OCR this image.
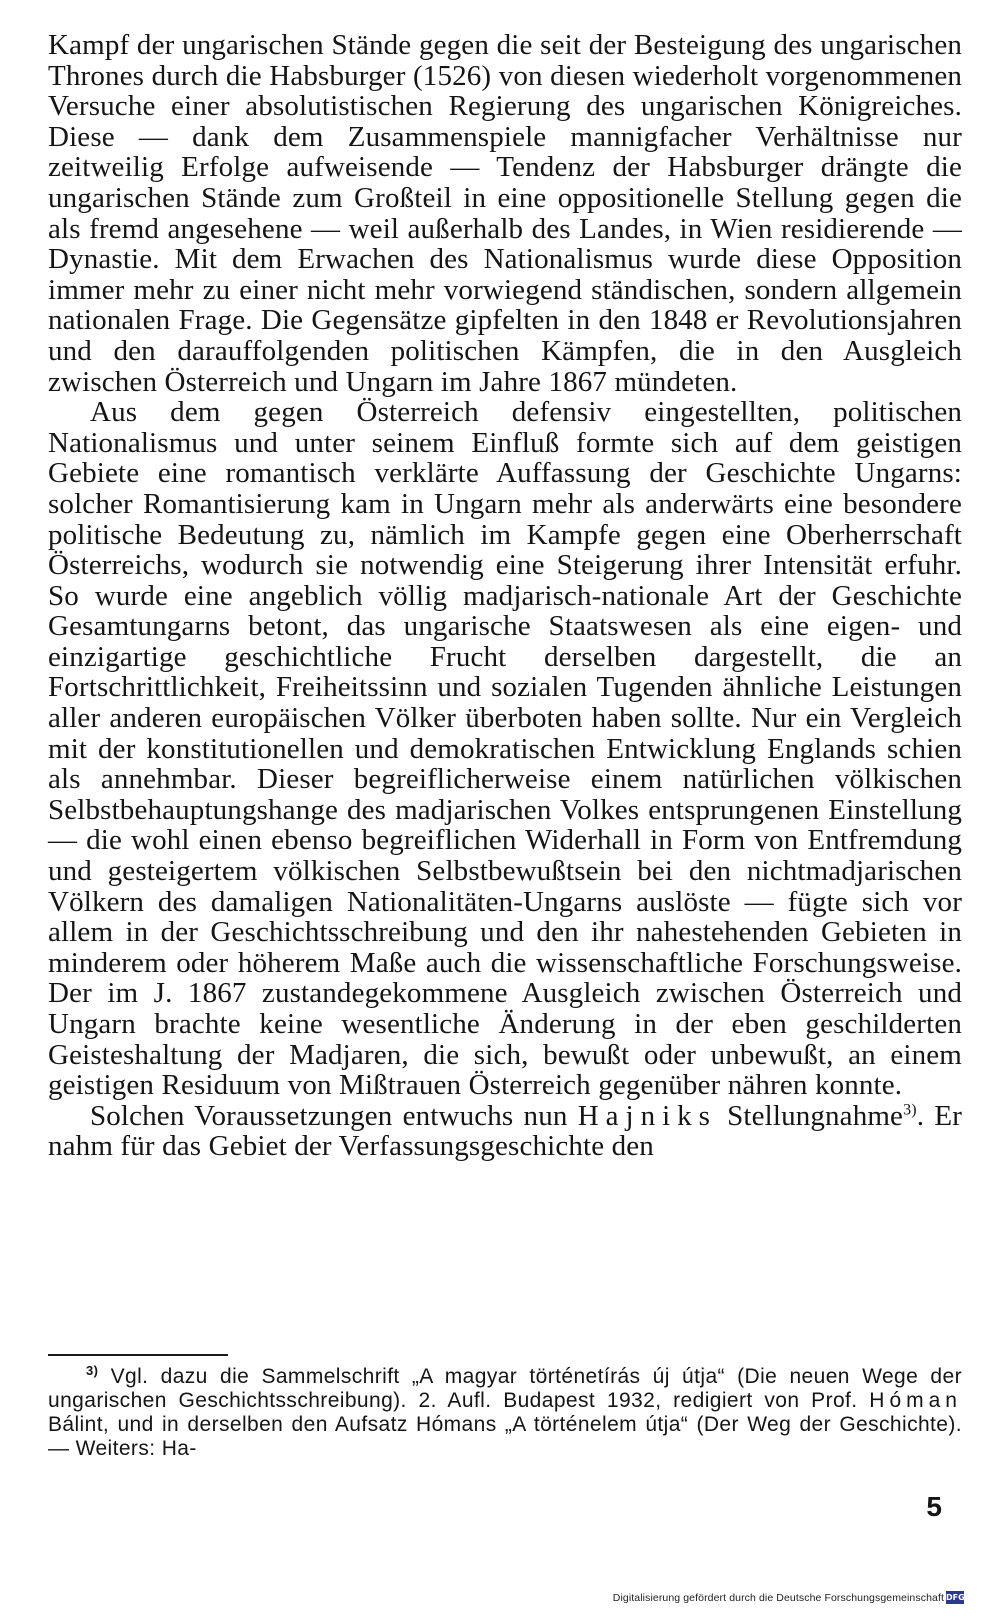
Kampf der ungarischen Stände gegen die seit der Besteigung des ungarischen Thrones durch die Habsburger (1526) von diesen wiederholt vorgenommenen Versuche einer absolutistischen Regierung des ungarischen Königreiches. Diese — dank dem Zusammenspiele mannigfacher Verhältnisse nur zeitweilig Erfolge aufweisende — Tendenz der Habsburger drängte die ungarischen Stände zum Großteil in eine oppositionelle Stellung gegen die als fremd angesehene — weil außerhalb des Landes, in Wien residierende — Dynastie. Mit dem Erwachen des Nationalismus wurde diese Opposition immer mehr zu einer nicht mehr vorwiegend ständischen, sondern allgemein nationalen Frage. Die Gegensätze gipfelten in den 1848 er Revolutionsjahren und den darauffolgenden politischen Kämpfen, die in den Ausgleich zwischen Österreich und Ungarn im Jahre 1867 mündeten.

Aus dem gegen Österreich defensiv eingestellten, politischen Nationalismus und unter seinem Einfluß formte sich auf dem geistigen Gebiete eine romantisch verklärte Auffassung der Geschichte Ungarns: solcher Romantisierung kam in Ungarn mehr als anderwärts eine besondere politische Bedeutung zu, nämlich im Kampfe gegen eine Oberherrschaft Österreichs, wodurch sie notwendig eine Steigerung ihrer Intensität erfuhr. So wurde eine angeblich völlig madjarisch-nationale Art der Geschichte Gesamtungarns betont, das ungarische Staatswesen als eine eigen- und einzigartige geschichtliche Frucht derselben dargestellt, die an Fortschrittlichkeit, Freiheitssinn und sozialen Tugenden ähnliche Leistungen aller anderen europäischen Völker überboten haben sollte. Nur ein Vergleich mit der konstitutionellen und demokratischen Entwicklung Englands schien als annehmbar. Dieser begreiflicherweise einem natürlichen völkischen Selbstbehauptungshange des madjarischen Volkes entsprungenen Einstellung — die wohl einen ebenso begreiflichen Widerhall in Form von Entfremdung und gesteigertem völkischen Selbstbewußtsein bei den nichtmadjarischen Völkern des damaligen Nationalitäten-Ungarns auslöste — fügte sich vor allem in der Geschichtsschreibung und den ihr nahestehenden Gebieten in minderem oder höherem Maße auch die wissenschaftliche Forschungsweise. Der im J. 1867 zustandegekommene Ausgleich zwischen Österreich und Ungarn brachte keine wesentliche Änderung in der eben geschilderten Geisteshaltung der Madjaren, die sich, bewußt oder unbewußt, an einem geistigen Residuum von Mißtrauen Österreich gegenüber nähren konnte.

Solchen Voraussetzungen entwuchs nun Hajniks Stellungnahme$^{3)}$. Er nahm für das Gebiet der Verfassungsgeschichte den

$^{3)}$ Vgl. dazu die Sammelschrift „A magyar történetírás új útja“ (Die neuen Wege der ungarischen Geschichtsschreibung). 2. Aufl. Budapest 1932, redigiert von Prof. Hóman Bálint, und in derselben den Aufsatz Hómans „A történelem útja“ (Der Weg der Geschichte). — Weiters: Ha-

5
Digitalisierung gefördert durch die Deutsche Forschungsgemeinschaft DFG
